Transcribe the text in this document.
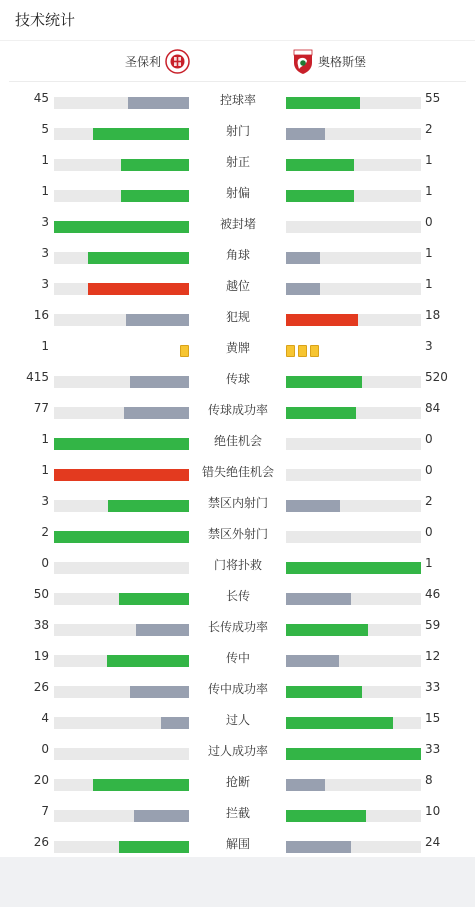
技术统计
圣保利	奥格斯堡
45	控球率	55
5	射门	2
1	射正	1
1	射偏	1
3	被封堵	0
3	角球	1
3	越位	1
16	犯规	18
1	黄牌	3
415	传球	520
77	传球成功率	84
1	绝佳机会	0
1	错失绝佳机会	0
3	禁区内射门	2
2	禁区外射门	0
0	门将扑救	1
50	长传	46
38	长传成功率	59
19	传中	12
26	传中成功率	33
4	过人	15
0	过人成功率	33
20	抢断	8
7	拦截	10
26	解围	24
